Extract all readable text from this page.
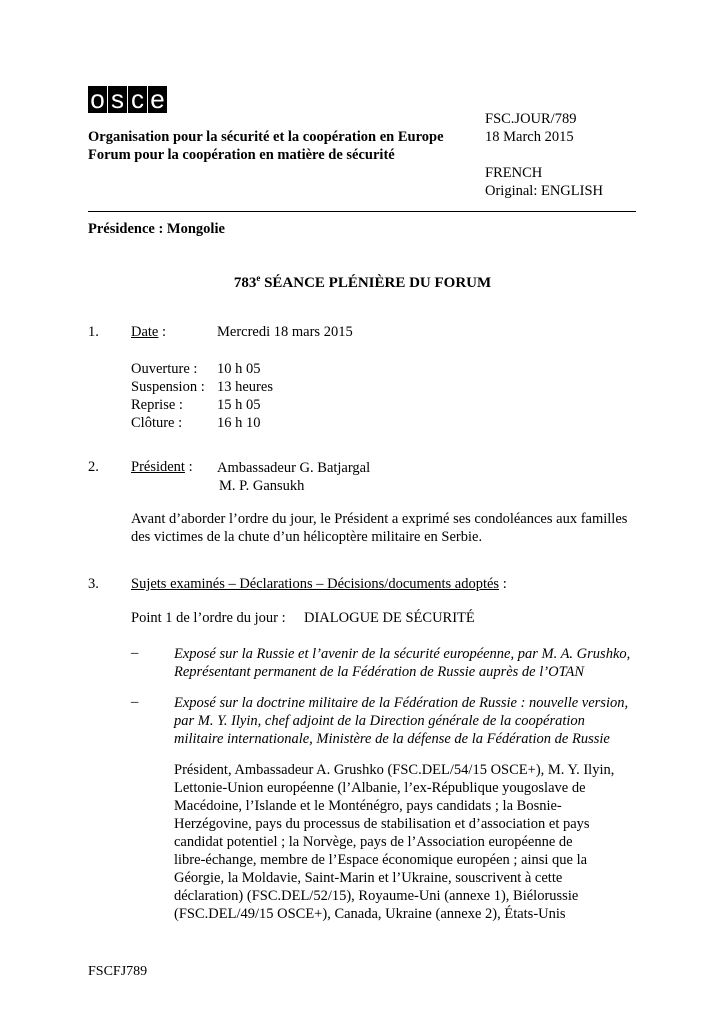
o s c e
Organisation pour la sécurité et la coopération en Europe
Forum pour la coopération en matière de sécurité
FSC.JOUR/789
18 March 2015
FRENCH
Original: ENGLISH
Présidence : Mongolie
783e SÉANCE PLÉNIÈRE DU FORUM
1. Date :	Mercredi 18 mars 2015
Ouverture :
Suspension :
Reprise :
Clôture :
10 h 05
13 heures
15 h 05
16 h 10
2. Président : Ambassadeur G. Batjargal
M. P. Gansukh
Avant d’aborder l’ordre du jour, le Président a exprimé ses condoléances aux familles
des victimes de la chute d’un hélicoptère militaire en Serbie.
3. Sujets examinés – Déclarations – Décisions/documents adoptés :
Point 1 de l’ordre du jour : DIALOGUE DE SÉCURITÉ
– Exposé sur la Russie et l’avenir de la sécurité européenne, par M. A. Grushko,
Représentant permanent de la Fédération de Russie auprès de l’OTAN
– Exposé sur la doctrine militaire de la Fédération de Russie : nouvelle version,
par M. Y. Ilyin, chef adjoint de la Direction générale de la coopération
militaire internationale, Ministère de la défense de la Fédération de Russie
Président, Ambassadeur A. Grushko (FSC.DEL/54/15 OSCE+), M. Y. Ilyin,
Lettonie-Union européenne (l’Albanie, l’ex-République yougoslave de
Macédoine, l’Islande et le Monténégro, pays candidats ; la Bosnie-
Herzégovine, pays du processus de stabilisation et d’association et pays
candidat potentiel ; la Norvège, pays de l’Association européenne de
libre-échange, membre de l’Espace économique européen ; ainsi que la
Géorgie, la Moldavie, Saint-Marin et l’Ukraine, souscrivent à cette
déclaration) (FSC.DEL/52/15), Royaume-Uni (annexe 1), Biélorussie
(FSC.DEL/49/15 OSCE+), Canada, Ukraine (annexe 2), États-Unis
FSCFJ789
